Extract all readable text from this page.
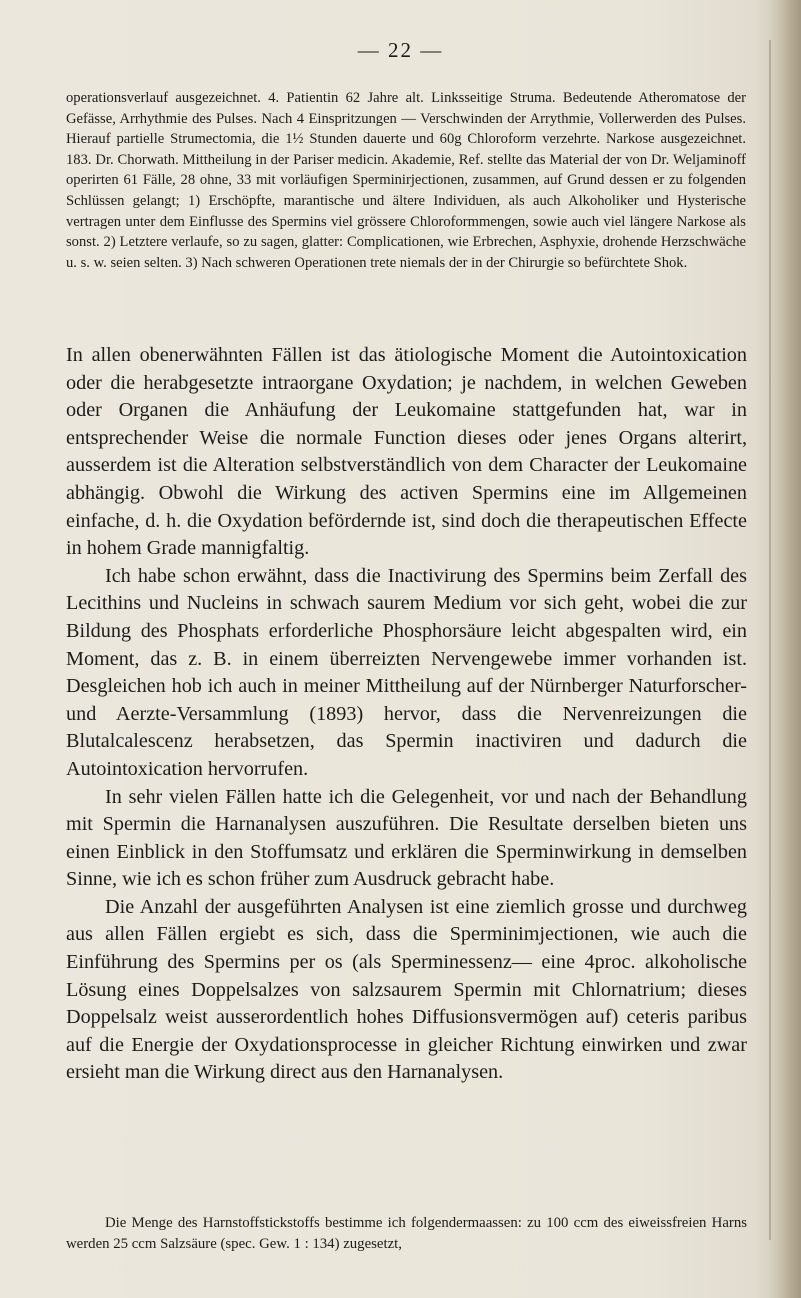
— 22 —

operationsverlauf ausgezeichnet. 4. Patientin 62 Jahre alt. Linksseitige Struma. Bedeutende Atheromatose der Gefässe, Arrhythmie des Pulses. Nach 4 Einspritzungen — Verschwinden der Arrythmie, Vollerwerden des Pulses. Hierauf partielle Strumectomia, die 1½ Stunden dauerte und 60g Chloroform verzehrte. Narkose ausgezeichnet. 183. Dr. Chorwath. Mittheilung in der Pariser medicin. Akademie, Ref. stellte das Material der von Dr. Weljaminoff operirten 61 Fälle, 28 ohne, 33 mit vorläufigen Sperminirjectionen, zusammen, auf Grund dessen er zu folgenden Schlüssen gelangt; 1) Erschöpfte, marantische und ältere Individuen, als auch Alkoholiker und Hysterische vertragen unter dem Einflusse des Spermins viel grössere Chloroformmengen, sowie auch viel längere Narkose als sonst. 2) Letztere verlaufe, so zu sagen, glatter: Complicationen, wie Erbrechen, Asphyxie, drohende Herzschwäche u. s. w. seien selten. 3) Nach schweren Operationen trete niemals der in der Chirurgie so befürchtete Shok.

In allen obenerwähnten Fällen ist das ätiologische Moment die Autointoxication oder die herabgesetzte intraorgane Oxydation; je nachdem, in welchen Geweben oder Organen die Anhäufung der Leukomaine stattgefunden hat, war in entsprechender Weise die normale Function dieses oder jenes Organs alterirt, ausserdem ist die Alteration selbstverständlich von dem Character der Leukomaine abhängig. Obwohl die Wirkung des activen Spermins eine im Allgemeinen einfache, d. h. die Oxydation befördernde ist, sind doch die therapeutischen Effecte in hohem Grade mannigfaltig.

Ich habe schon erwähnt, dass die Inactivirung des Spermins beim Zerfall des Lecithins und Nucleins in schwach saurem Medium vor sich geht, wobei die zur Bildung des Phosphats erforderliche Phosphorsäure leicht abgespalten wird, ein Moment, das z. B. in einem überreizten Nervengewebe immer vorhanden ist. Desgleichen hob ich auch in meiner Mittheilung auf der Nürnberger Naturforscher- und Aerzte-Versammlung (1893) hervor, dass die Nervenreizungen die Blutalcalescenz herabsetzen, das Spermin inactiviren und dadurch die Autointoxication hervorrufen.

In sehr vielen Fällen hatte ich die Gelegenheit, vor und nach der Behandlung mit Spermin die Harnanalysen auszuführen. Die Resultate derselben bieten uns einen Einblick in den Stoffumsatz und erklären die Sperminwirkung in demselben Sinne, wie ich es schon früher zum Ausdruck gebracht habe.

Die Anzahl der ausgeführten Analysen ist eine ziemlich grosse und durchweg aus allen Fällen ergiebt es sich, dass die Sperminimjectionen, wie auch die Einführung des Spermins per os (als Sperminessenz— eine 4proc. alkoholische Lösung eines Doppelsalzes von salzsaurem Spermin mit Chlornatrium; dieses Doppelsalz weist ausserordentlich hohes Diffusionsvermögen auf) ceteris paribus auf die Energie der Oxydationsprocesse in gleicher Richtung einwirken und zwar ersieht man die Wirkung direct aus den Harnanalysen.

Die Menge des Harnstoffstickstoffs bestimme ich folgendermaassen: zu 100 ccm des eiweissfreien Harns werden 25 ccm Salzsäure (spec. Gew. 1 : 134) zugesetzt,
